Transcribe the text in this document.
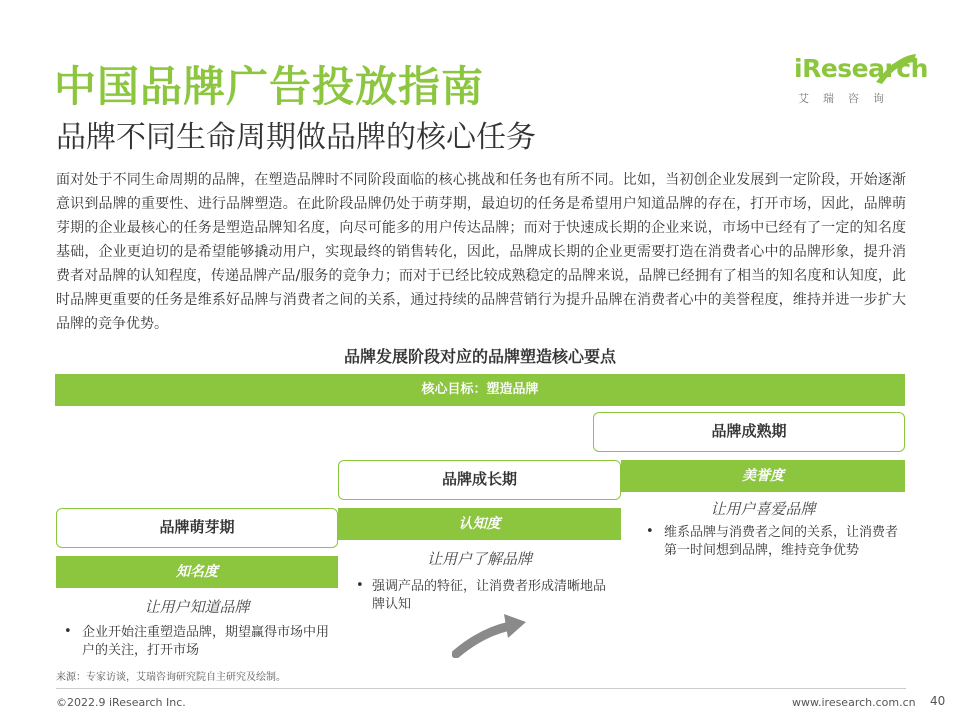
中国品牌广告投放指南
品牌不同生命周期做品牌的核心任务
iResearch
艾瑞咨询
面对处于不同生命周期的品牌，在塑造品牌时不同阶段面临的核心挑战和任务也有所不同。比如，当初创企业发展到一定阶段，开始逐渐意识到品牌的重要性、进行品牌塑造。在此阶段品牌仍处于萌芽期，最迫切的任务是希望用户知道品牌的存在，打开市场，因此，品牌萌芽期的企业最核心的任务是塑造品牌知名度，向尽可能多的用户传达品牌；而对于快速成长期的企业来说，市场中已经有了一定的知名度基础，企业更迫切的是希望能够撬动用户，实现最终的销售转化，因此，品牌成长期的企业更需要打造在消费者心中的品牌形象，提升消费者对品牌的认知程度，传递品牌产品/服务的竞争力；而对于已经比较成熟稳定的品牌来说，品牌已经拥有了相当的知名度和认知度，此时品牌更重要的任务是维系好品牌与消费者之间的关系，通过持续的品牌营销行为提升品牌在消费者心中的美誉程度，维持并进一步扩大品牌的竞争优势。
品牌发展阶段对应的品牌塑造核心要点
核心目标：塑造品牌
品牌萌芽期
知名度
让用户知道品牌
• 企业开始注重塑造品牌，期望赢得市场中用户的关注，打开市场
品牌成长期
认知度
让用户了解品牌
• 强调产品的特征，让消费者形成清晰地品牌认知
品牌成熟期
美誉度
让用户喜爱品牌
• 维系品牌与消费者之间的关系，让消费者第一时间想到品牌，维持竞争优势
来源：专家访谈，艾瑞咨询研究院自主研究及绘制。
©2022.9 iResearch Inc.	www.iresearch.com.cn 40
